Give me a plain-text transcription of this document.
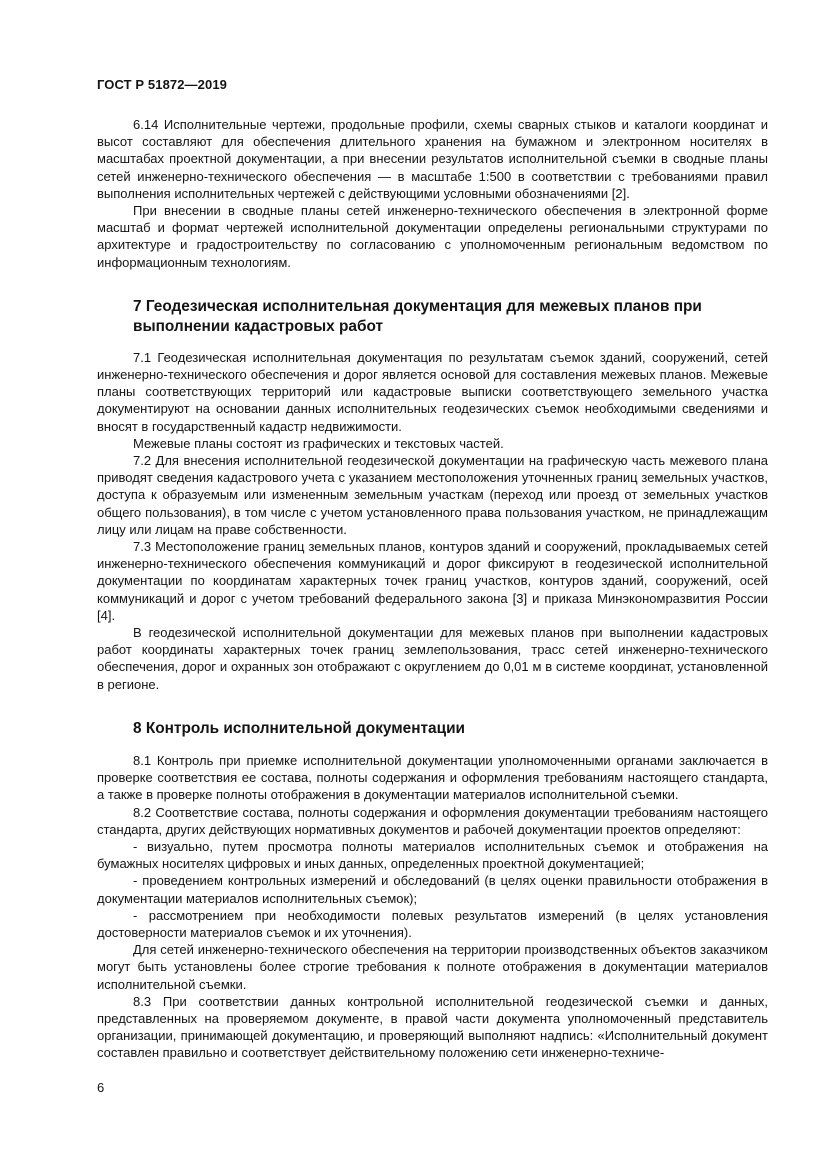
ГОСТ Р 51872—2019

6.14 Исполнительные чертежи, продольные профили, схемы сварных стыков и каталоги координат и высот составляют для обеспечения длительного хранения на бумажном и электронном носителях в масштабах проектной документации, а при внесении результатов исполнительной съемки в сводные планы сетей инженерно-технического обеспечения — в масштабе 1:500 в соответствии с требованиями правил выполнения исполнительных чертежей с действующими условными обозначениями [2].

При внесении в сводные планы сетей инженерно-технического обеспечения в электронной форме масштаб и формат чертежей исполнительной документации определены региональными структурами по архитектуре и градостроительству по согласованию с уполномоченным региональным ведомством по информационным технологиям.

7 Геодезическая исполнительная документация для межевых планов при выполнении кадастровых работ

7.1 Геодезическая исполнительная документация по результатам съемок зданий, сооружений, сетей инженерно-технического обеспечения и дорог является основой для составления межевых планов. Межевые планы соответствующих территорий или кадастровые выписки соответствующего земельного участка документируют на основании данных исполнительных геодезических съемок необходимыми сведениями и вносят в государственный кадастр недвижимости.

Межевые планы состоят из графических и текстовых частей.

7.2 Для внесения исполнительной геодезической документации на графическую часть межевого плана приводят сведения кадастрового учета с указанием местоположения уточненных границ земельных участков, доступа к образуемым или измененным земельным участкам (переход или проезд от земельных участков общего пользования), в том числе с учетом установленного права пользования участком, не принадлежащим лицу или лицам на праве собственности.

7.3 Местоположение границ земельных планов, контуров зданий и сооружений, прокладываемых сетей инженерно-технического обеспечения коммуникаций и дорог фиксируют в геодезической исполнительной документации по координатам характерных точек границ участков, контуров зданий, сооружений, осей коммуникаций и дорог с учетом требований федерального закона [3] и приказа Минэкономразвития России [4].

В геодезической исполнительной документации для межевых планов при выполнении кадастровых работ координаты характерных точек границ землепользования, трасс сетей инженерно-технического обеспечения, дорог и охранных зон отображают с округлением до 0,01 м в системе координат, установленной в регионе.

8 Контроль исполнительной документации

8.1 Контроль при приемке исполнительной документации уполномоченными органами заключается в проверке соответствия ее состава, полноты содержания и оформления требованиям настоящего стандарта, а также в проверке полноты отображения в документации материалов исполнительной съемки.

8.2 Соответствие состава, полноты содержания и оформления документации требованиям настоящего стандарта, других действующих нормативных документов и рабочей документации проектов определяют:

- визуально, путем просмотра полноты материалов исполнительных съемок и отображения на бумажных носителях цифровых и иных данных, определенных проектной документацией;

- проведением контрольных измерений и обследований (в целях оценки правильности отображения в документации материалов исполнительных съемок);

- рассмотрением при необходимости полевых результатов измерений (в целях установления достоверности материалов съемок и их уточнения).

Для сетей инженерно-технического обеспечения на территории производственных объектов заказчиком могут быть установлены более строгие требования к полноте отображения в документации материалов исполнительной съемки.

8.3 При соответствии данных контрольной исполнительной геодезической съемки и данных, представленных на проверяемом документе, в правой части документа уполномоченный представитель организации, принимающей документацию, и проверяющий выполняют надпись: «Исполнительный документ составлен правильно и соответствует действительному положению сети инженерно-техниче-

6
